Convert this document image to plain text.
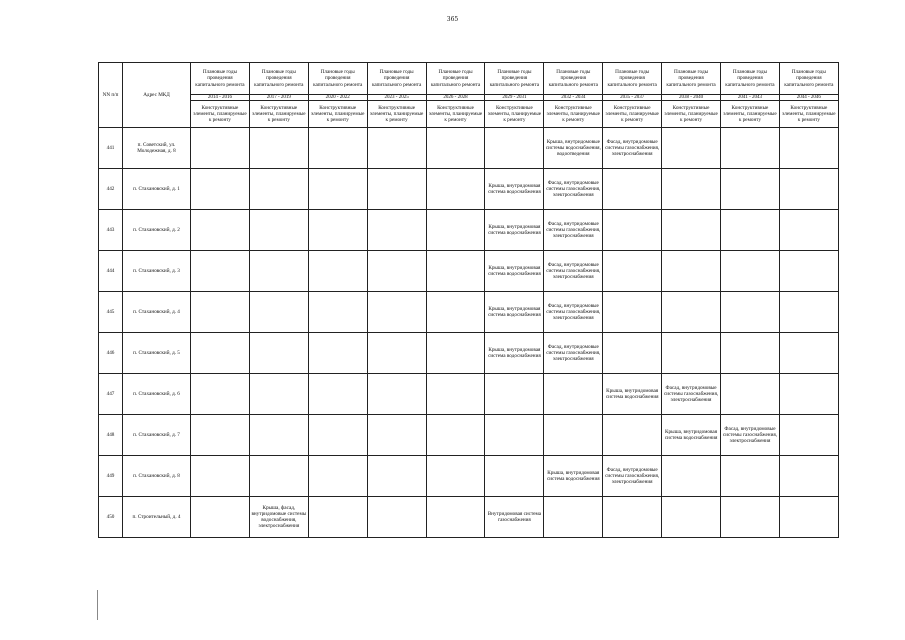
365
NN п/п	Адрес МКД	Плановые годы проведения капитального ремонта	Плановые годы проведения капитального ремонта	Плановые годы проведения капитального ремонта	Плановые годы проведения капитального ремонта	Плановые годы проведения капитального ремонта	Плановые годы проведения капитального ремонта	Плановые годы проведения капитального ремонта	Плановые годы проведения капитального ремонта	Плановые годы проведения капитального ремонта	Плановые годы проведения капитального ремонта	Плановые годы проведения капитального ремонта
		2014 - 2016	2017 - 2019	2020 - 2022	2023 - 2025	2026 - 2028	2029 - 2031	2032 - 2034	2035 - 2037	2038 - 2040	2041 - 2043	2044 - 2046
		Конструктивные элементы, планируемые к ремонту	Конструктивные элементы, планируемые к ремонту	Конструктивные элементы, планируемые к ремонту	Конструктивные элементы, планируемые к ремонту	Конструктивные элементы, планируемые к ремонту	Конструктивные элементы, планируемые к ремонту	Конструктивные элементы, планируемые к ремонту	Конструктивные элементы, планируемые к ремонту	Конструктивные элементы, планируемые к ремонту	Конструктивные элементы, планируемые к ремонту	Конструктивные элементы, планируемые к ремонту
441	п. Советский, ул. Молодежная, д. 8							Крыша, внутридомовые системы водоснабжения, водоотведения	Фасад, внутридомовые системы газоснабжения, электроснабжения			
442	п. Стахановский, д. 1						Крыша, внутридомовая система водоснабжения	Фасад, внутридомовые системы газоснабжения, электроснабжения				
443	п. Стахановский, д. 2						Крыша, внутридомовая система водоснабжения	Фасад, внутридомовые системы газоснабжения, электроснабжения				
444	п. Стахановский, д. 3						Крыша, внутридомовая система водоснабжения	Фасад, внутридомовые системы газоснабжения, электроснабжения				
445	п. Стахановский, д. 4						Крыша, внутридомовая система водоснабжения	Фасад, внутридомовые системы газоснабжения, электроснабжения				
446	п. Стахановский, д. 5						Крыша, внутридомовая система водоснабжения	Фасад, внутридомовые системы газоснабжения, электроснабжения				
447	п. Стахановский, д. 6								Крыша, внутридомовая система водоснабжения	Фасад, внутридомовые системы газоснабжения, электроснабжения		
448	п. Стахановский, д. 7									Крыша, внутридомовая система водоснабжения	Фасад, внутридомовые системы газоснабжения, электроснабжения	
449	п. Стахановский, д. 8							Крыша, внутридомовая система водоснабжения	Фасад, внутридомовые системы газоснабжения, электроснабжения			
450	п. Строительный, д. 4		Крыша, фасад, внутридомовые системы водоснабжения, электроснабжения				Внутридомовая система газоснабжения					
